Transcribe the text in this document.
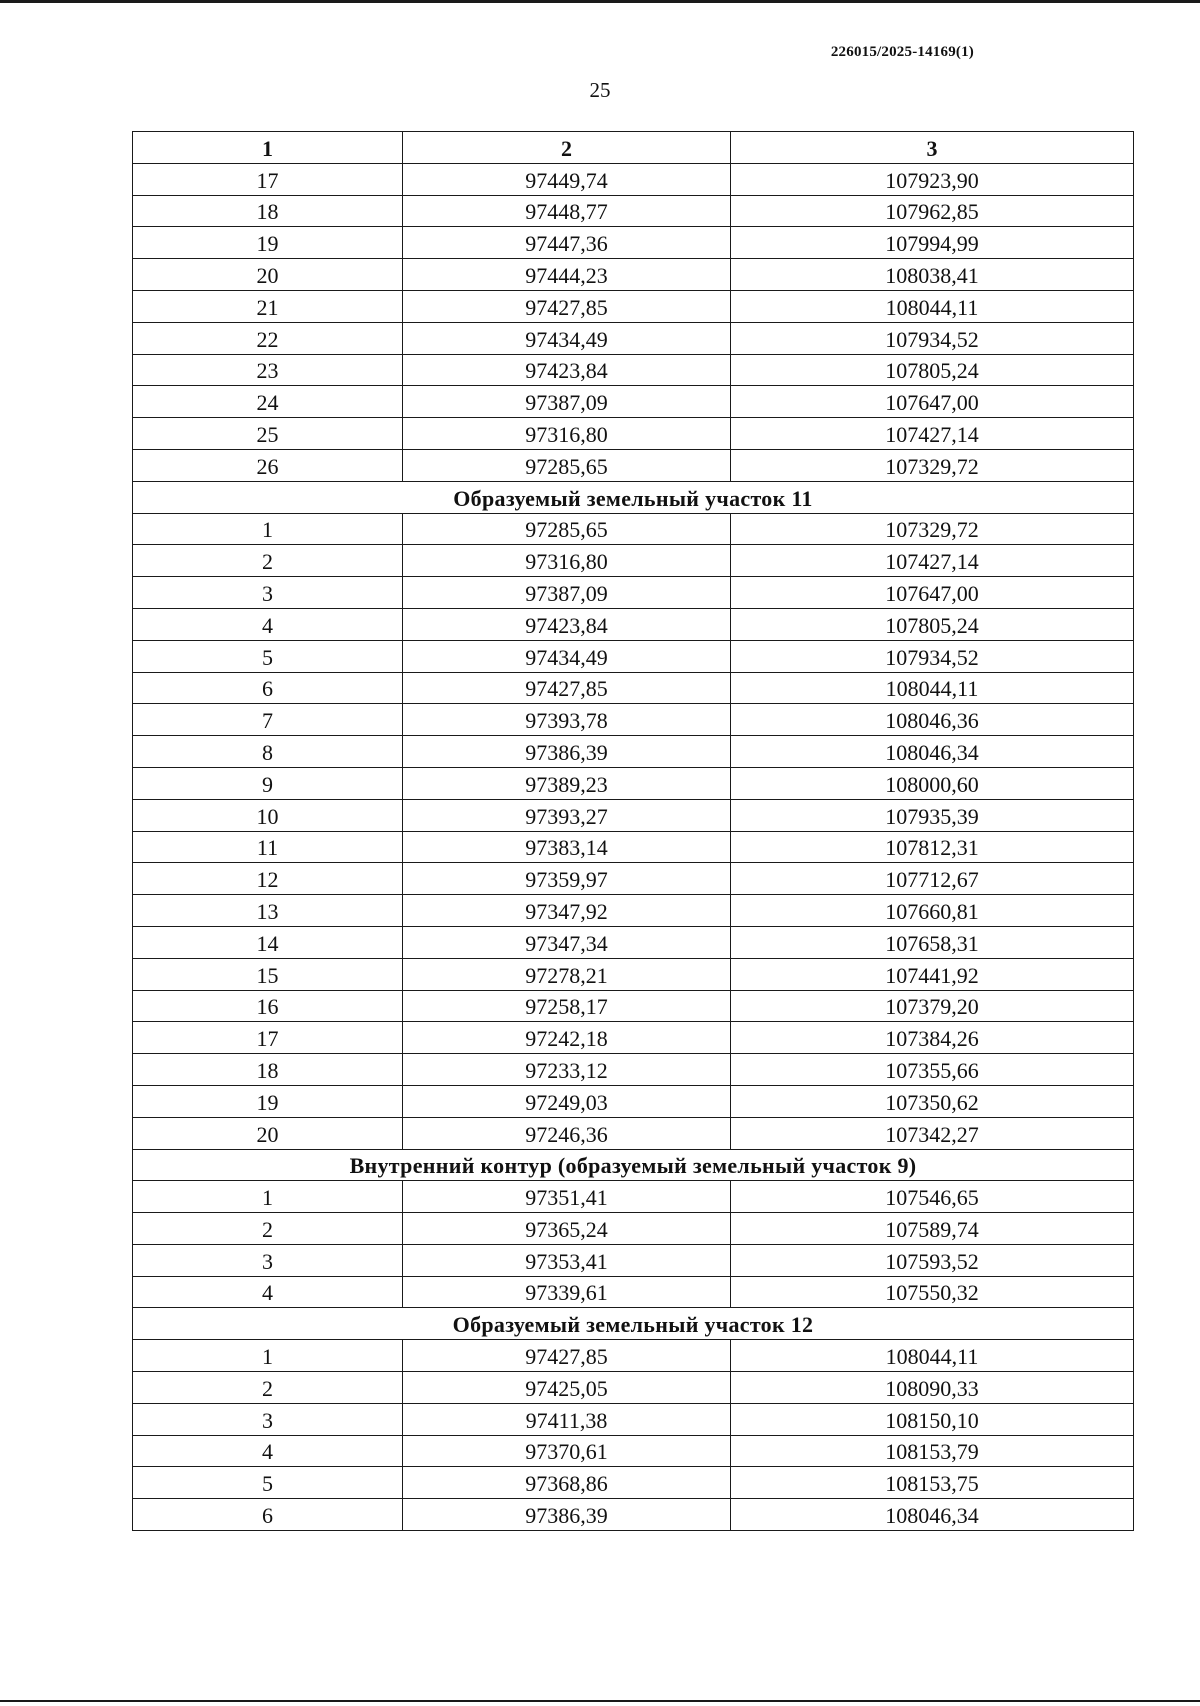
226015/2025-14169(1)
25
1	2	3
17	97449,74	107923,90
18	97448,77	107962,85
19	97447,36	107994,99
20	97444,23	108038,41
21	97427,85	108044,11
22	97434,49	107934,52
23	97423,84	107805,24
24	97387,09	107647,00
25	97316,80	107427,14
26	97285,65	107329,72
Образуемый земельный участок 11		
1	97285,65	107329,72
2	97316,80	107427,14
3	97387,09	107647,00
4	97423,84	107805,24
5	97434,49	107934,52
6	97427,85	108044,11
7	97393,78	108046,36
8	97386,39	108046,34
9	97389,23	108000,60
10	97393,27	107935,39
11	97383,14	107812,31
12	97359,97	107712,67
13	97347,92	107660,81
14	97347,34	107658,31
15	97278,21	107441,92
16	97258,17	107379,20
17	97242,18	107384,26
18	97233,12	107355,66
19	97249,03	107350,62
20	97246,36	107342,27
Внутренний контур (образуемый земельный участок 9)		
1	97351,41	107546,65
2	97365,24	107589,74
3	97353,41	107593,52
4	97339,61	107550,32
Образуемый земельный участок 12		
1	97427,85	108044,11
2	97425,05	108090,33
3	97411,38	108150,10
4	97370,61	108153,79
5	97368,86	108153,75
6	97386,39	108046,34
